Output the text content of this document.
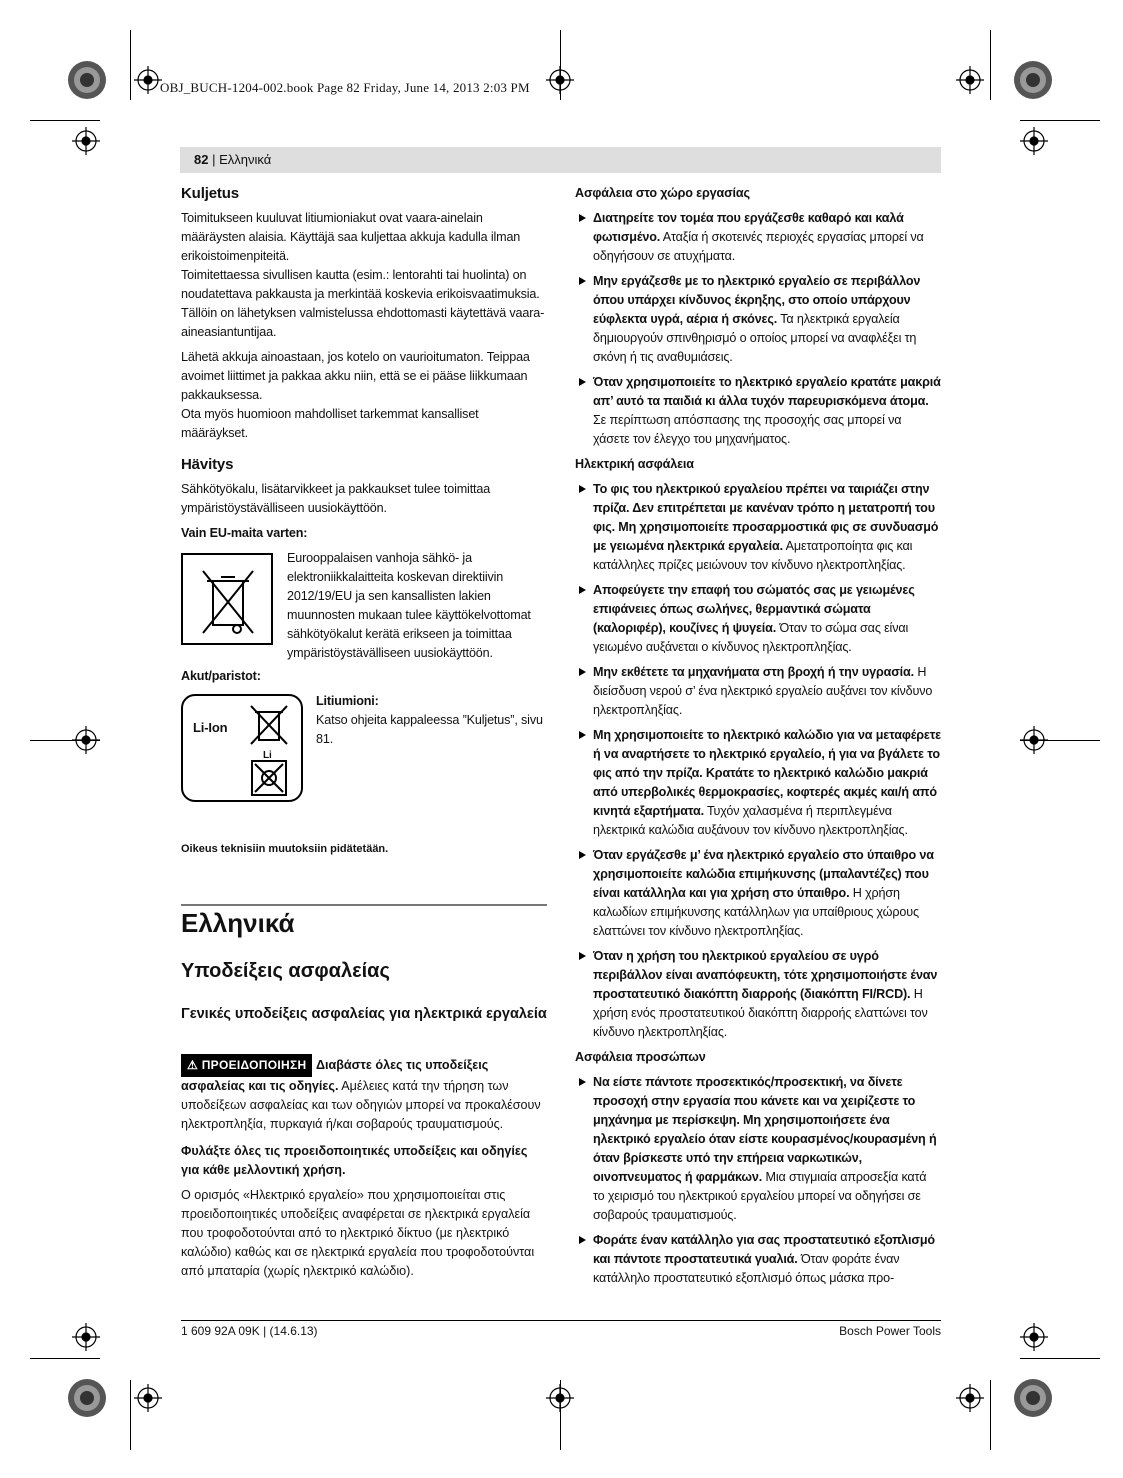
OBJ_BUCH-1204-002.book Page 82 Friday, June 14, 2013 2:03 PM
82 | Ελληνικά
Kuljetus

Toimitukseen kuuluvat litiumioniakut ovat vaara-ainelain määräysten alaisia. Käyttäjä saa kuljettaa akkuja kadulla ilman erikoistoimenpiteitä.

Toimitettaessa sivullisen kautta (esim.: lentorahti tai huolinta) on noudatettava pakkausta ja merkintää koskevia erikoisvaatimuksia. Tällöin on lähetyksen valmistelussa ehdottomasti käytettävä vaara-aineasiantuntijaa.

Lähetä akkuja ainoastaan, jos kotelo on vaurioitumaton. Teippaa avoimet liittimet ja pakkaa akku niin, että se ei pääse liikkumaan pakkauksessa.

Ota myös huomioon mahdolliset tarkemmat kansalliset määräykset.

Hävitys

Sähkötyökalu, lisätarvikkeet ja pakkaukset tulee toimittaa ympäristöystävälliseen uusiokäyttöön.

Vain EU-maita varten:
Eurooppalaisen vanhoja sähkö- ja elektroniikkalaitteita koskevan direktiivin 2012/19/EU ja sen kansallisten lakien muunnosten mukaan tulee käyttökelvottomat sähkötyökalut kerätä erikseen ja toimittaa ympäristöystävälliseen uusiokäyttöön.
Akut/paristot:
Li-Ion
Li
Litiumioni:
Katso ohjeita kappaleessa ”Kuljetus”, sivu 81.
Oikeus teknisiin muutoksiin pidätetään.
Ελληνικά
Υποδείξεις ασφαλείας
Γενικές υποδείξεις ασφαλείας για ηλεκτρικά εργαλεία
⚠ ΠΡΟΕΙΔΟΠΟΙΗΣΗ Διαβάστε όλες τις υποδείξεις ασφαλείας και τις οδηγίες. Αμέλειες κατά την τήρηση των υποδείξεων ασφαλείας και των οδηγιών μπορεί να προκαλέσουν ηλεκτροπληξία, πυρκαγιά ή/και σοβαρούς τραυματισμούς.

Φυλάξτε όλες τις προειδοποιητικές υποδείξεις και οδηγίες για κάθε μελλοντική χρήση.

Ο ορισμός «Ηλεκτρικό εργαλείο» που χρησιμοποιείται στις προειδοποιητικές υποδείξεις αναφέρεται σε ηλεκτρικά εργαλεία που τροφοδοτούνται από το ηλεκτρικό δίκτυο (με ηλεκτρικό καλώδιο) καθώς και σε ηλεκτρικά εργαλεία που τροφοδοτούνται από μπαταρία (χωρίς ηλεκτρικό καλώδιο).

Ασφάλεια στο χώρο εργασίας
Διατηρείτε τον τομέα που εργάζεσθε καθαρό και καλά φωτισμένο. Αταξία ή σκοτεινές περιοχές εργασίας μπορεί να οδηγήσουν σε ατυχήματα.
Μην εργάζεσθε με το ηλεκτρικό εργαλείο σε περιβάλλον όπου υπάρχει κίνδυνος έκρηξης, στο οποίο υπάρχουν εύφλεκτα υγρά, αέρια ή σκόνες. Τα ηλεκτρικά εργαλεία δημιουργούν σπινθηρισμό ο οποίος μπορεί να αναφλέξει τη σκόνη ή τις αναθυμιάσεις.
Όταν χρησιμοποιείτε το ηλεκτρικό εργαλείο κρατάτε μακριά απ’ αυτό τα παιδιά κι άλλα τυχόν παρευρισκόμενα άτομα. Σε περίπτωση απόσπασης της προσοχής σας μπορεί να χάσετε τον έλεγχο του μηχανήματος.
Ηλεκτρική ασφάλεια
Το φις του ηλεκτρικού εργαλείου πρέπει να ταιριάζει στην πρίζα. Δεν επιτρέπεται με κανέναν τρόπο η μετατροπή του φις. Μη χρησιμοποιείτε προσαρμοστικά φις σε συνδυασμό με γειωμένα ηλεκτρικά εργαλεία. Αμετατροποίητα φις και κατάλληλες πρίζες μειώνουν τον κίνδυνο ηλεκτροπληξίας.
Αποφεύγετε την επαφή του σώματός σας με γειωμένες επιφάνειες όπως σωλήνες, θερμαντικά σώματα (καλοριφέρ), κουζίνες ή ψυγεία. Όταν το σώμα σας είναι γειωμένο αυξάνεται ο κίνδυνος ηλεκτροπληξίας.
Μην εκθέτετε τα μηχανήματα στη βροχή ή την υγρασία. Η διείσδυση νερού σ’ ένα ηλεκτρικό εργαλείο αυξάνει τον κίνδυνο ηλεκτροπληξίας.
Μη χρησιμοποιείτε το ηλεκτρικό καλώδιο για να μεταφέρετε ή να αναρτήσετε το ηλεκτρικό εργαλείο, ή για να βγάλετε το φις από την πρίζα. Κρατάτε το ηλεκτρικό καλώδιο μακριά από υπερβολικές θερμοκρασίες, κοφτερές ακμές και/ή από κινητά εξαρτήματα. Τυχόν χαλασμένα ή περιπλεγμένα ηλεκτρικά καλώδια αυξάνουν τον κίνδυνο ηλεκτροπληξίας.
Όταν εργάζεσθε μ’ ένα ηλεκτρικό εργαλείο στο ύπαιθρο να χρησιμοποιείτε καλώδια επιμήκυνσης (μπαλαντέζες) που είναι κατάλληλα και για χρήση στο ύπαιθρο. Η χρήση καλωδίων επιμήκυνσης κατάλληλων για υπαίθριους χώρους ελαττώνει τον κίνδυνο ηλεκτροπληξίας.
Όταν η χρήση του ηλεκτρικού εργαλείου σε υγρό περιβάλλον είναι αναπόφευκτη, τότε χρησιμοποιήστε έναν προστατευτικό διακόπτη διαρροής (διακόπτη FI/RCD). Η χρήση ενός προστατευτικού διακόπτη διαρροής ελαττώνει τον κίνδυνο ηλεκτροπληξίας.
Ασφάλεια προσώπων
Να είστε πάντοτε προσεκτικός/προσεκτική, να δίνετε προσοχή στην εργασία που κάνετε και να χειρίζεστε το μηχάνημα με περίσκεψη. Μη χρησιμοποιήσετε ένα ηλεκτρικό εργαλείο όταν είστε κουρασμένος/κουρασμένη ή όταν βρίσκεστε υπό την επήρεια ναρκωτικών, οινοπνευματος ή φαρμάκων. Μια στιγμιαία απροσεξία κατά το χειρισμό του ηλεκτρικού εργαλείου μπορεί να οδηγήσει σε σοβαρούς τραυματισμούς.
Φοράτε έναν κατάλληλο για σας προστατευτικό εξοπλισμό και πάντοτε προστατευτικά γυαλιά. Όταν φοράτε έναν κατάλληλο προστατευτικό εξοπλισμό όπως μάσκα προ-
1 609 92A 09K | (14.6.13)	Bosch Power Tools
